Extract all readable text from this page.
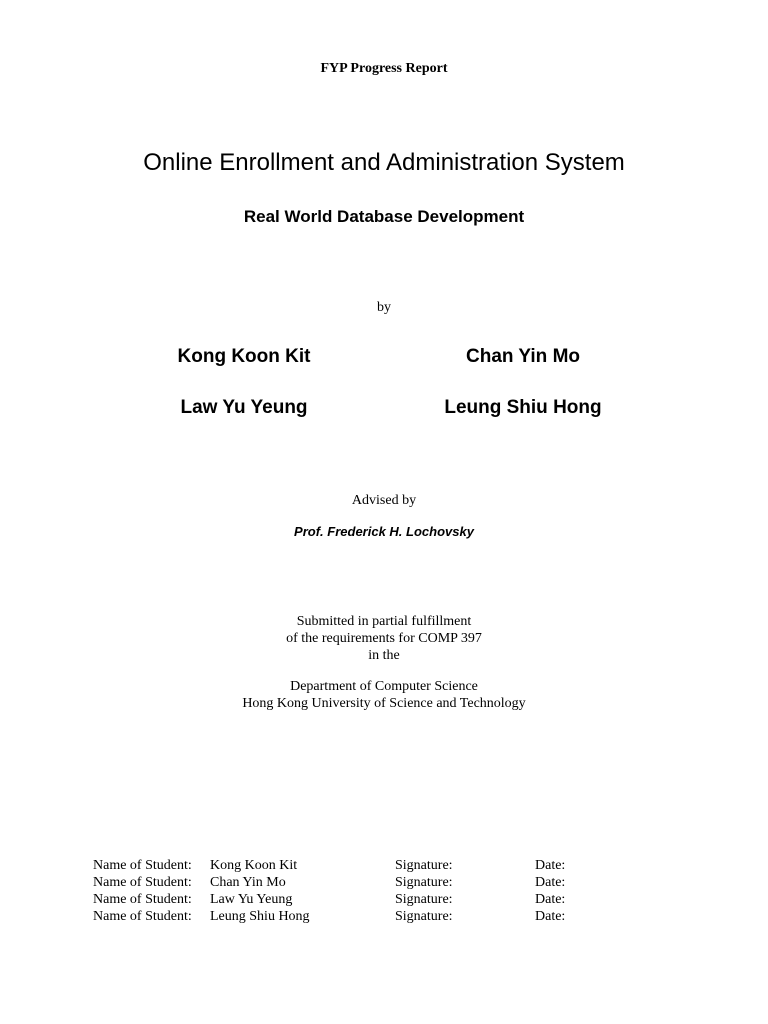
FYP Progress Report
Online Enrollment and Administration System
Real World Database Development
by
Kong Koon Kit	Chan Yin Mo
Law Yu Yeung	Leung Shiu Hong
Advised by
Prof. Frederick H. Lochovsky
Submitted in partial fulfillment
of the requirements for COMP 397
in the
Department of Computer Science
Hong Kong University of Science and Technology
Name of Student: Kong Koon Kit	Signature:	Date:
Name of Student: Chan Yin Mo	Signature:	Date:
Name of Student: Law Yu Yeung	Signature:	Date:
Name of Student: Leung Shiu Hong	Signature:	Date:
